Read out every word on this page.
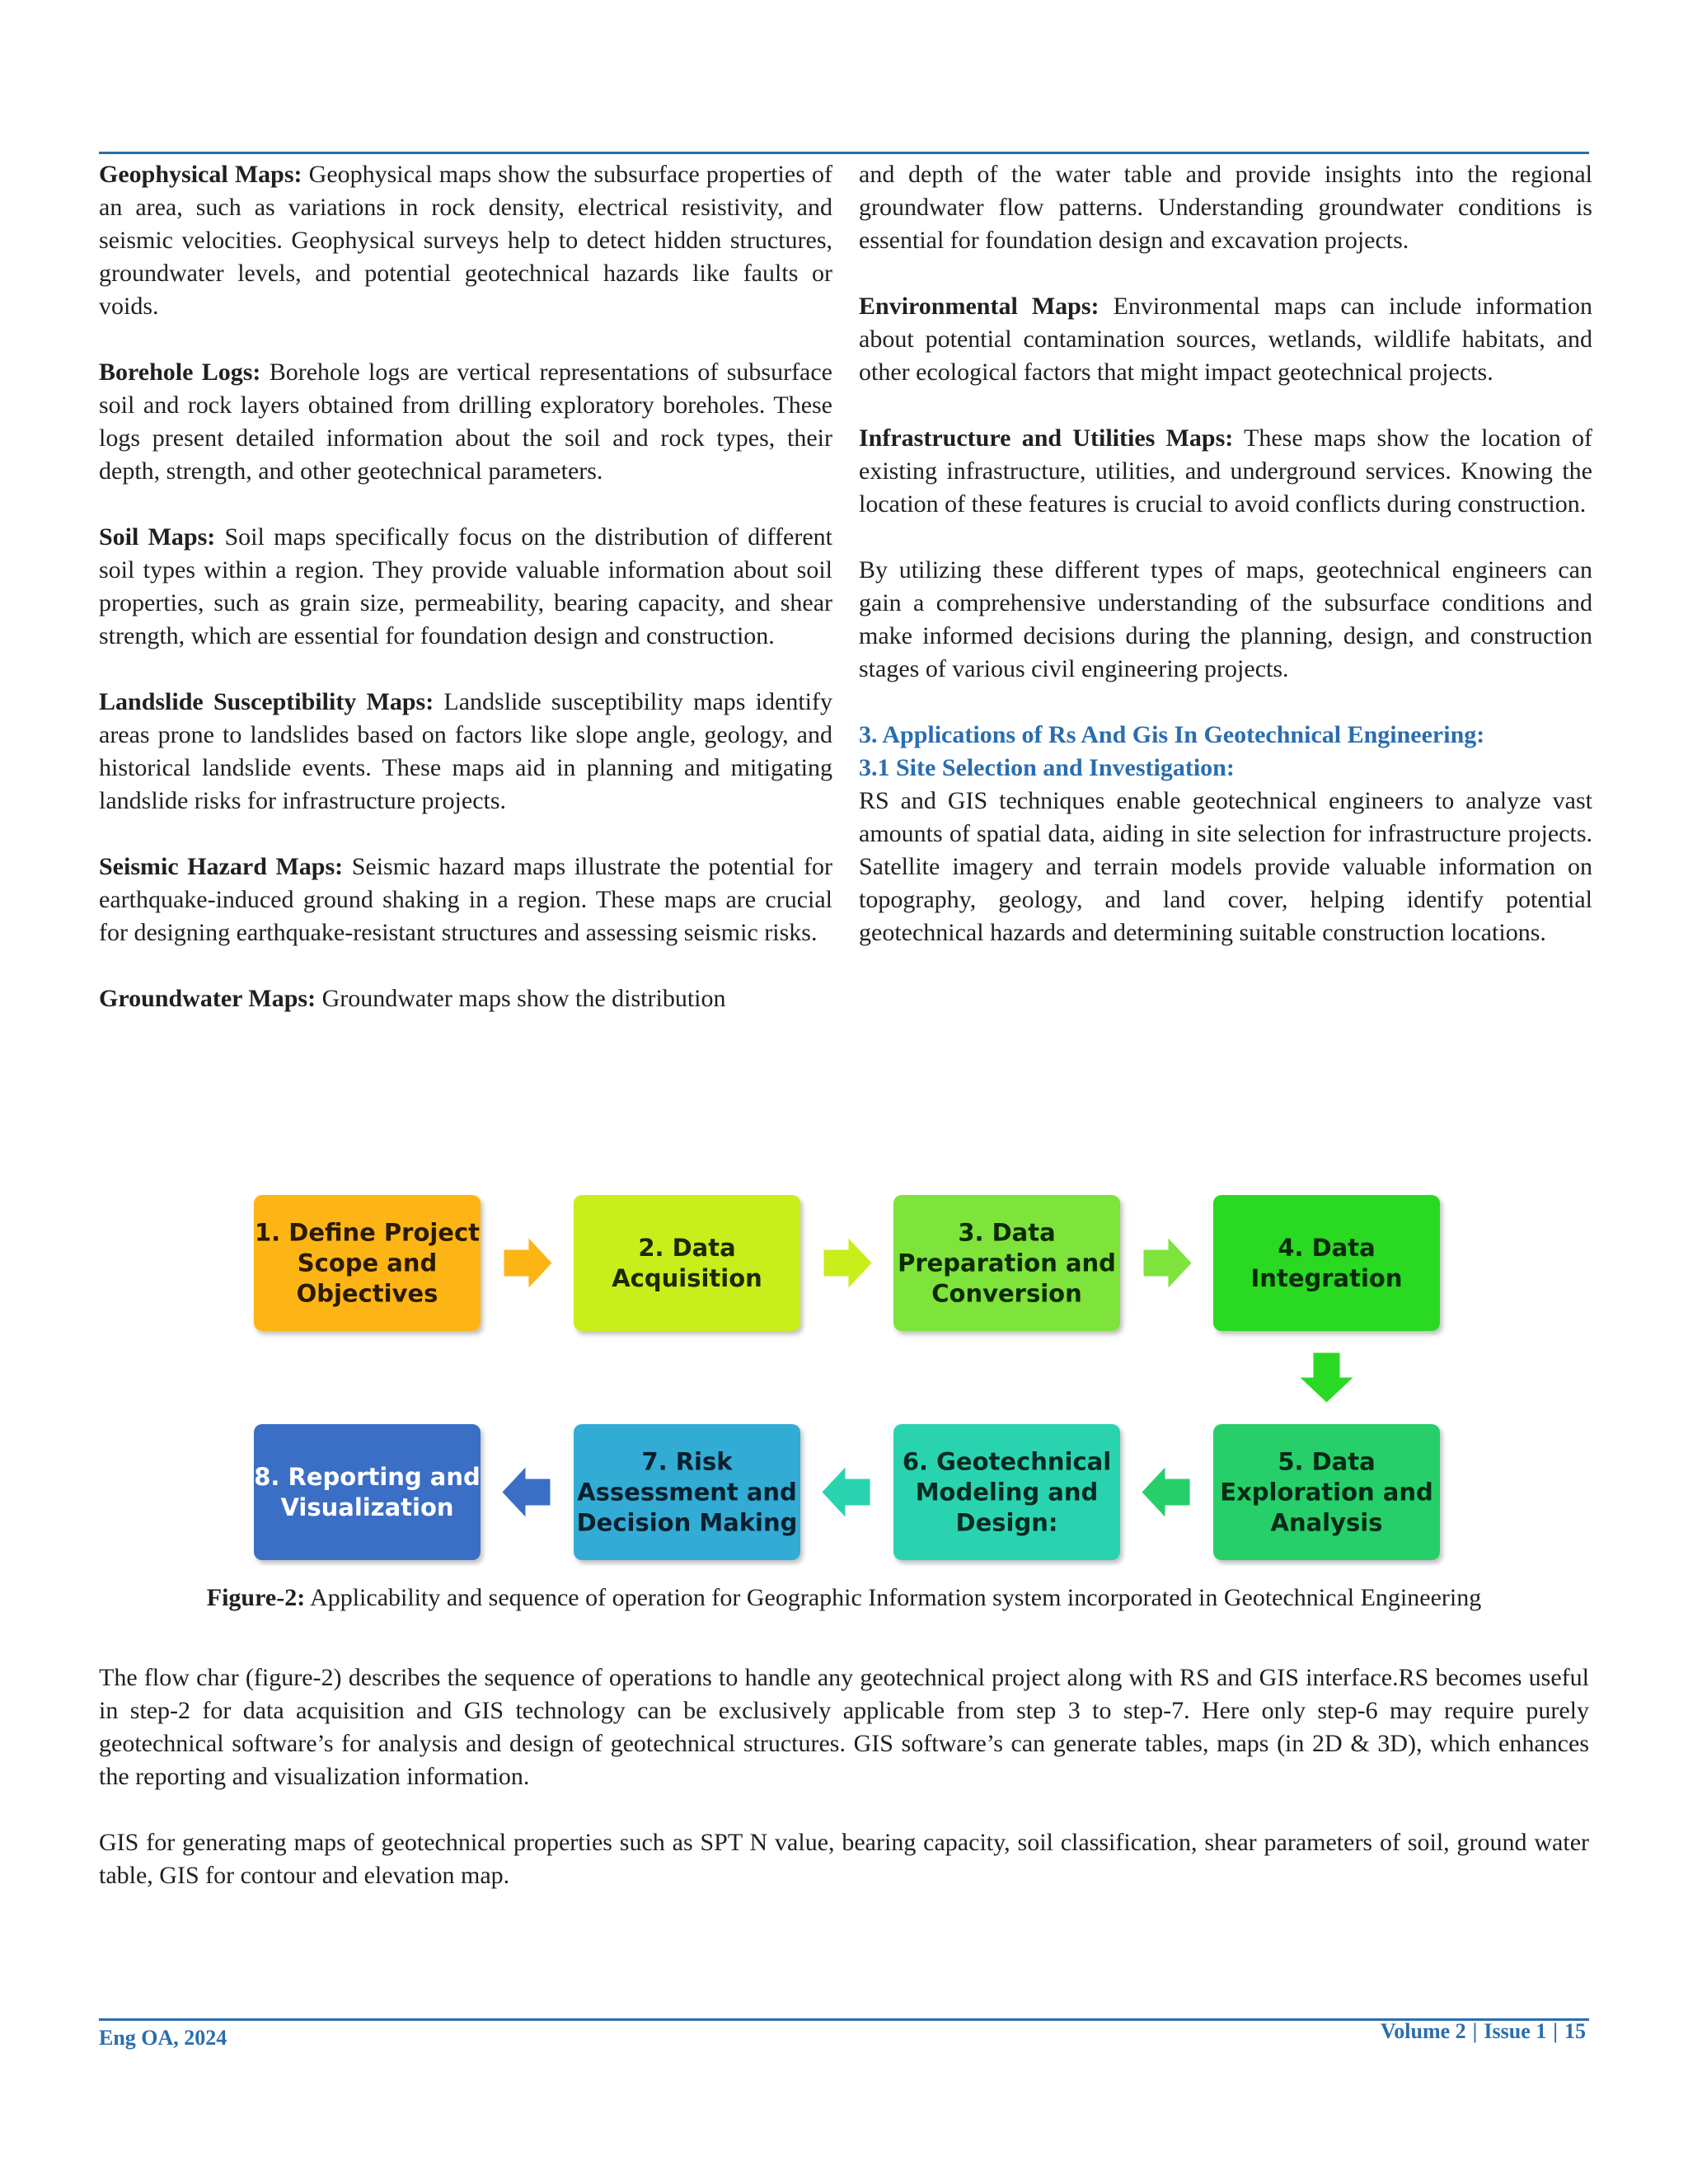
Geophysical Maps: Geophysical maps show the subsurface properties of an area, such as variations in rock density, electrical resistivity, and seismic velocities. Geophysical surveys help to detect hidden structures, groundwater levels, and potential geotechnical hazards like faults or voids.

Borehole Logs: Borehole logs are vertical representations of subsurface soil and rock layers obtained from drilling exploratory boreholes. These logs present detailed information about the soil and rock types, their depth, strength, and other geotechnical parameters.

Soil Maps: Soil maps specifically focus on the distribution of different soil types within a region. They provide valuable information about soil properties, such as grain size, permeability, bearing capacity, and shear strength, which are essential for foundation design and construction.

Landslide Susceptibility Maps: Landslide susceptibility maps identify areas prone to landslides based on factors like slope angle, geology, and historical landslide events. These maps aid in planning and mitigating landslide risks for infrastructure projects.

Seismic Hazard Maps: Seismic hazard maps illustrate the potential for earthquake-induced ground shaking in a region. These maps are crucial for designing earthquake-resistant structures and assessing seismic risks.

Groundwater Maps: Groundwater maps show the distribution

and depth of the water table and provide insights into the regional groundwater flow patterns. Understanding groundwater conditions is essential for foundation design and excavation projects.

Environmental Maps: Environmental maps can include information about potential contamination sources, wetlands, wildlife habitats, and other ecological factors that might impact geotechnical projects.

Infrastructure and Utilities Maps: These maps show the location of existing infrastructure, utilities, and underground services. Knowing the location of these features is crucial to avoid conflicts during construction.

By utilizing these different types of maps, geotechnical engineers can gain a comprehensive understanding of the subsurface conditions and make informed decisions during the planning, design, and construction stages of various civil engineering projects.

3. Applications of Rs And Gis In Geotechnical Engineering:
3.1 Site Selection and Investigation:

RS and GIS techniques enable geotechnical engineers to analyze vast amounts of spatial data, aiding in site selection for infrastructure projects. Satellite imagery and terrain models provide valuable information on topography, geology, and land cover, helping identify potential geotechnical hazards and determining suitable construction locations.

1. Define Project
Scope and
Objectives
2. Data
Acquisition
3. Data
Preparation and
Conversion
4. Data
Integration
5. Data
Exploration and
Analysis
6. Geotechnical
Modeling and
Design:
7. Risk
Assessment and
Decision Making
8. Reporting and
Visualization
Figure-2: Applicability and sequence of operation for Geographic Information system incorporated in Geotechnical Engineering
The flow char (figure-2) describes the sequence of operations to handle any geotechnical project along with RS and GIS interface.RS becomes useful in step-2 for data acquisition and GIS technology can be exclusively applicable from step 3 to step-7. Here only step-6 may require purely geotechnical software’s for analysis and design of geotechnical structures. GIS software’s can generate tables, maps (in 2D & 3D), which enhances the reporting and visualization information.
GIS for generating maps of geotechnical properties such as SPT N value, bearing capacity, soil classification, shear parameters of soil, ground water table, GIS for contour and elevation map.
Eng OA, 2024	Volume 2 | Issue 1 | 15
